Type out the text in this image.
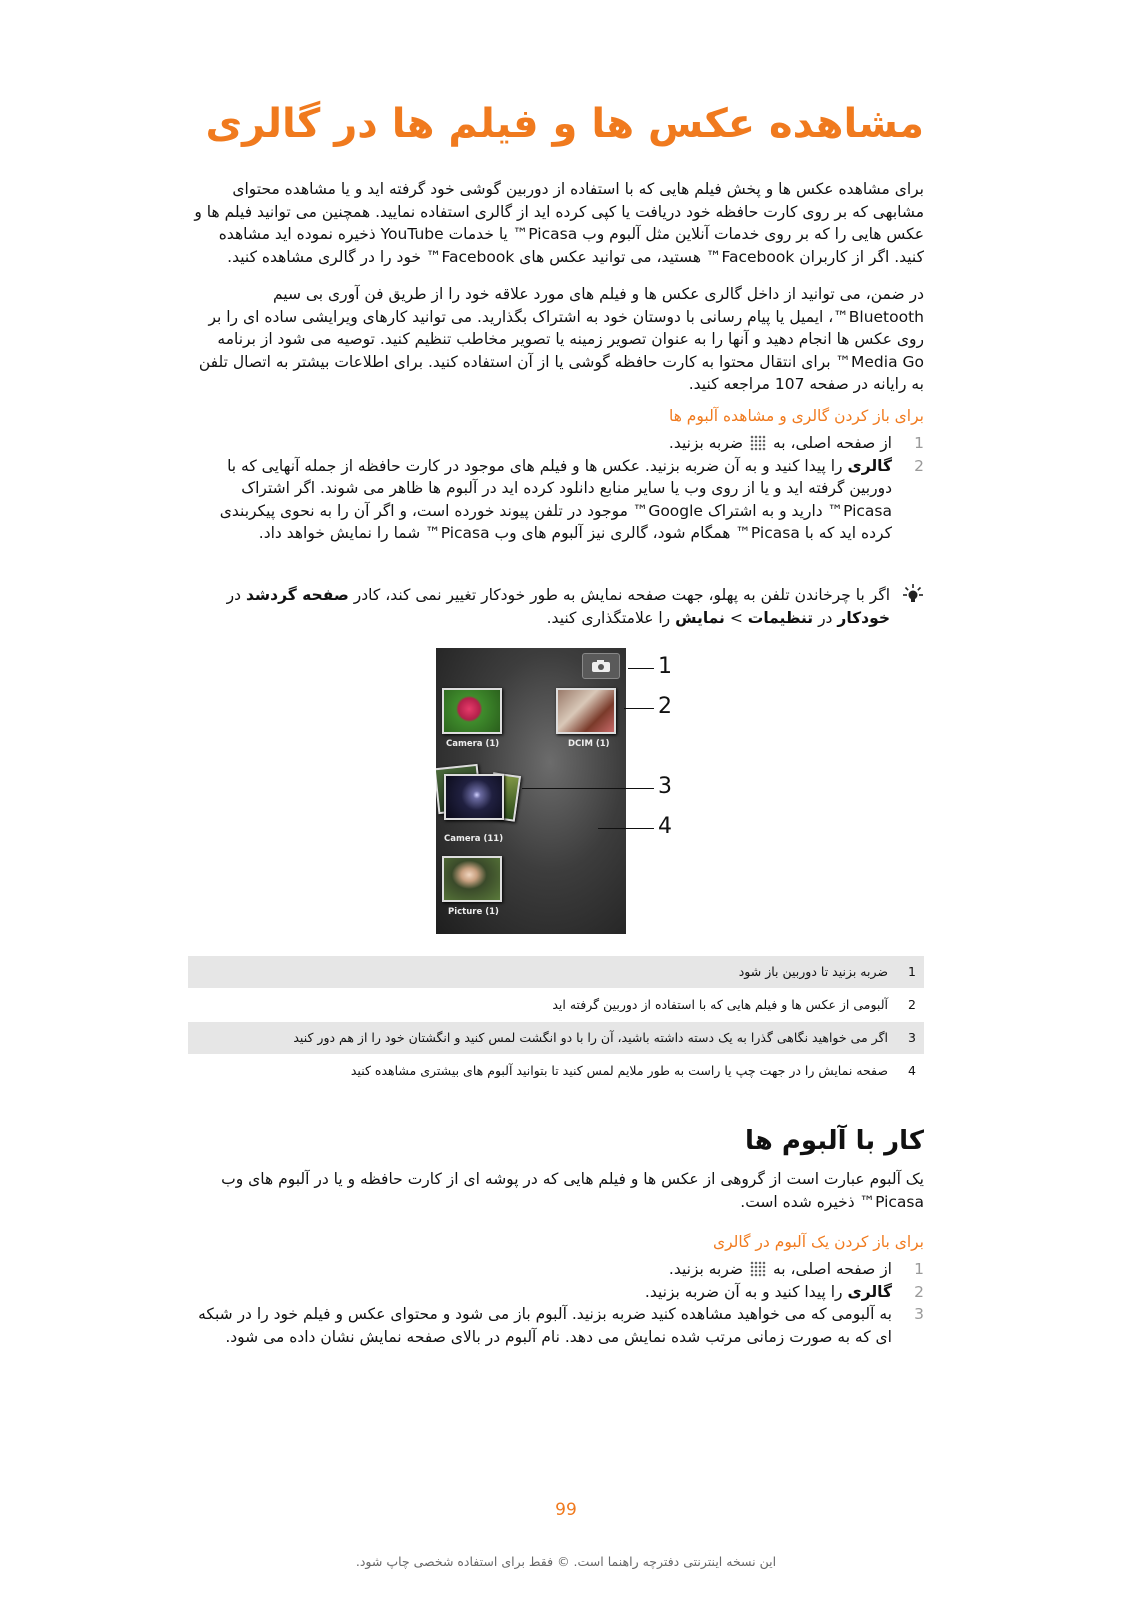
مشاهده عکس ها و فیلم ها در گالری

برای مشاهده عکس ها و پخش فیلم هایی که با استفاده از دوربین گوشی خود گرفته اید و یا مشاهده محتوای مشابهی که بر روی کارت حافظه خود دریافت یا کپی کرده اید از گالری استفاده نمایید. همچنین می توانید فیلم ها و عکس هایی را که بر روی خدمات آنلاین مثل آلبوم وب Picasa™ یا خدمات YouTube ذخیره نموده اید مشاهده کنید. اگر از کاربران Facebook™ هستید، می توانید عکس های Facebook™ خود را در گالری مشاهده کنید.

در ضمن، می توانید از داخل گالری عکس ها و فیلم های مورد علاقه خود را از طریق فن آوری بی سیم Bluetooth™، ایمیل یا پیام رسانی با دوستان خود به اشتراک بگذارید. می توانید کارهای ویرایشی ساده ای را بر روی عکس ها انجام دهید و آنها را به عنوان تصویر زمینه یا تصویر مخاطب تنظیم کنید. توصیه می شود از برنامه Media Go™ برای انتقال محتوا به کارت حافظه گوشی یا از آن استفاده کنید. برای اطلاعات بیشتر به اتصال تلفن به رایانه در صفحه 107 مراجعه کنید.

برای باز کردن گالری و مشاهده آلبوم ها

1
از صفحه اصلی، به  ضربه بزنید.
2
گالری را پیدا کنید و به آن ضربه بزنید. عکس ها و فیلم های موجود در کارت حافظه از جمله آنهایی که با دوربین گرفته اید و یا از روی وب یا سایر منابع دانلود کرده اید در آلبوم ها ظاهر می شوند. اگر اشتراک Picasa™ دارید و به اشتراک Google™ موجود در تلفن پیوند خورده است، و اگر آن را به نحوی پیکربندی کرده اید که با Picasa™ همگام شود، گالری نیز آلبوم های وب Picasa™ شما را نمایش خواهد داد.
اگر با چرخاندن تلفن به پهلو، جهت صفحه نمایش به طور خودکار تغییر نمی کند، کادر صفحه گردشد در خودکار در تنظیمات > نمایش را علامتگذاری کنید.
Camera (1)	DCIM (1)
Camera (11)
Picture (1)
1
2
3
4
1
ضربه بزنید تا دوربین باز شود
2
آلبومی از عکس ها و فیلم هایی که با استفاده از دوربین گرفته اید
3
اگر می خواهید نگاهی گذرا به یک دسته داشته باشید، آن را با دو انگشت لمس کنید و انگشتان خود را از هم دور کنید
4
صفحه نمایش را در جهت چپ یا راست به طور ملایم لمس کنید تا بتوانید آلبوم های بیشتری مشاهده کنید
کار با آلبوم ها

یک آلبوم عبارت است از گروهی از عکس ها و فیلم هایی که در پوشه ای از کارت حافظه و یا در آلبوم های وب Picasa™ ذخیره شده است.

برای باز کردن یک آلبوم در گالری

1
از صفحه اصلی، به  ضربه بزنید.
2
گالری را پیدا کنید و به آن ضربه بزنید.
3
به آلبومی که می خواهید مشاهده کنید ضربه بزنید. آلبوم باز می شود و محتوای عکس و فیلم خود را در شبکه ای که به صورت زمانی مرتب شده نمایش می دهد. نام آلبوم در بالای صفحه نمایش نشان داده می شود.
99
این نسخه اینترنتی دفترچه راهنما است. © فقط برای استفاده شخصی چاپ شود.
